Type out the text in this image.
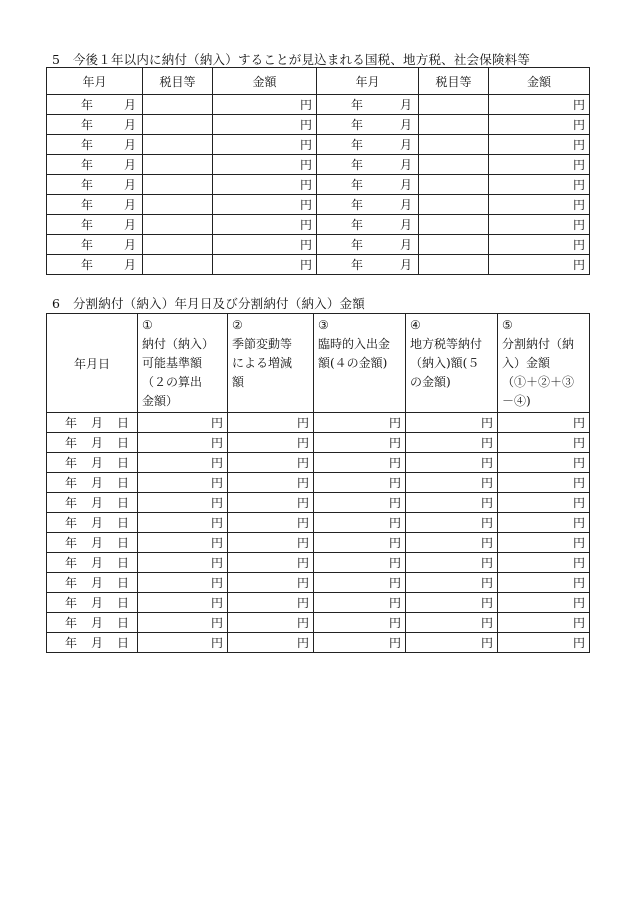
5　今後１年以内に納付（納入）することが見込まれる国税、地方税、社会保険料等
年月	税目等	金額	年月	税目等	金額

年 月		円	年 月		円

年 月		円	年 月		円

年 月		円	年 月		円

年 月		円	年 月		円

年 月		円	年 月		円

年 月		円	年 月		円

年 月		円	年 月		円

年 月		円	年 月		円

年 月		円	年 月		円
6　分割納付（納入）年月日及び分割納付（納入）金額
年月日	①
納付（納入）
可能基準額
（２の算出
金額）	②
季節変動等
による増減
額	③
臨時的入出金
額(４の金額)	④
地方税等納付
（納入)額(５
の金額)	⑤
分割納付（納
入）金額
（①＋②＋③
－④)

年 月 日	円	円	円	円	円

年 月 日	円	円	円	円	円

年 月 日	円	円	円	円	円

年 月 日	円	円	円	円	円

年 月 日	円	円	円	円	円

年 月 日	円	円	円	円	円

年 月 日	円	円	円	円	円

年 月 日	円	円	円	円	円

年 月 日	円	円	円	円	円

年 月 日	円	円	円	円	円

年 月 日	円	円	円	円	円

年 月 日	円	円	円	円	円
